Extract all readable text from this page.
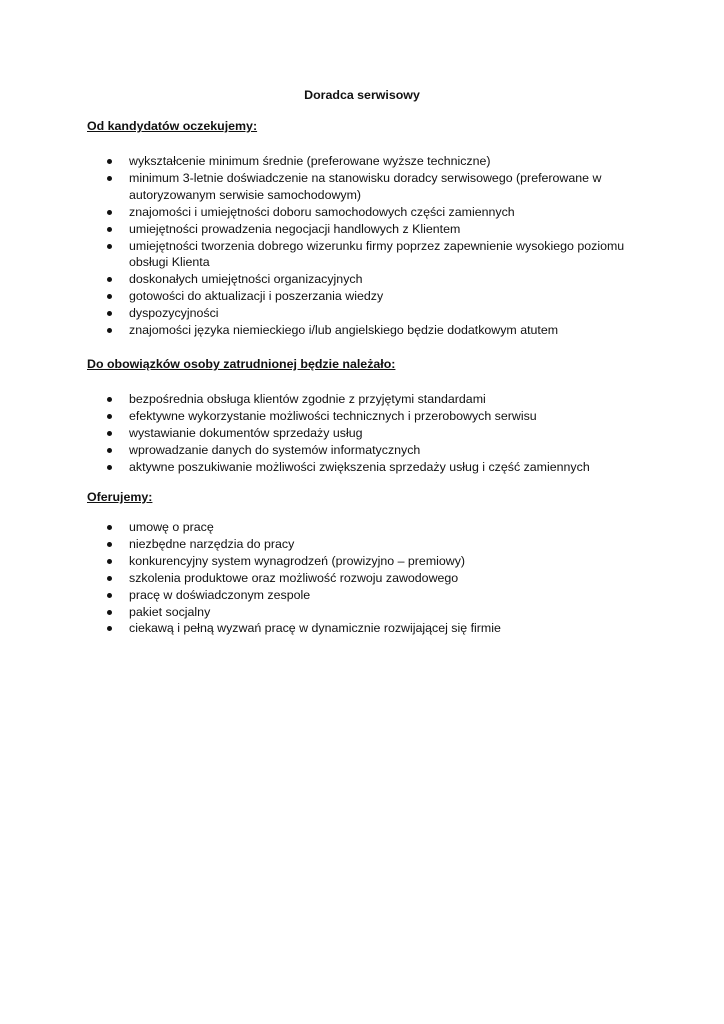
Doradca serwisowy
Od kandydatów oczekujemy:
wykształcenie minimum średnie (preferowane wyższe techniczne)
minimum 3-letnie doświadczenie na stanowisku doradcy serwisowego (preferowane w autoryzowanym serwisie samochodowym)
znajomości i umiejętności doboru samochodowych części zamiennych
umiejętności prowadzenia negocjacji handlowych z Klientem
umiejętności tworzenia dobrego wizerunku firmy poprzez zapewnienie wysokiego poziomu obsługi Klienta
doskonałych umiejętności organizacyjnych
gotowości do aktualizacji i poszerzania wiedzy
dyspozycyjności
znajomości języka niemieckiego i/lub angielskiego będzie dodatkowym atutem
Do obowiązków osoby zatrudnionej będzie należało:
bezpośrednia obsługa klientów zgodnie z przyjętymi standardami
efektywne wykorzystanie możliwości technicznych i przerobowych serwisu
wystawianie dokumentów sprzedaży usług
wprowadzanie danych do systemów informatycznych
aktywne poszukiwanie możliwości zwiększenia sprzedaży usług i część zamiennych
Oferujemy:
umowę o pracę
niezbędne narzędzia do pracy
konkurencyjny system wynagrodzeń (prowizyjno – premiowy)
szkolenia produktowe oraz możliwość rozwoju zawodowego
pracę w doświadczonym zespole
pakiet socjalny
ciekawą i pełną wyzwań pracę w dynamicznie rozwijającej się firmie
